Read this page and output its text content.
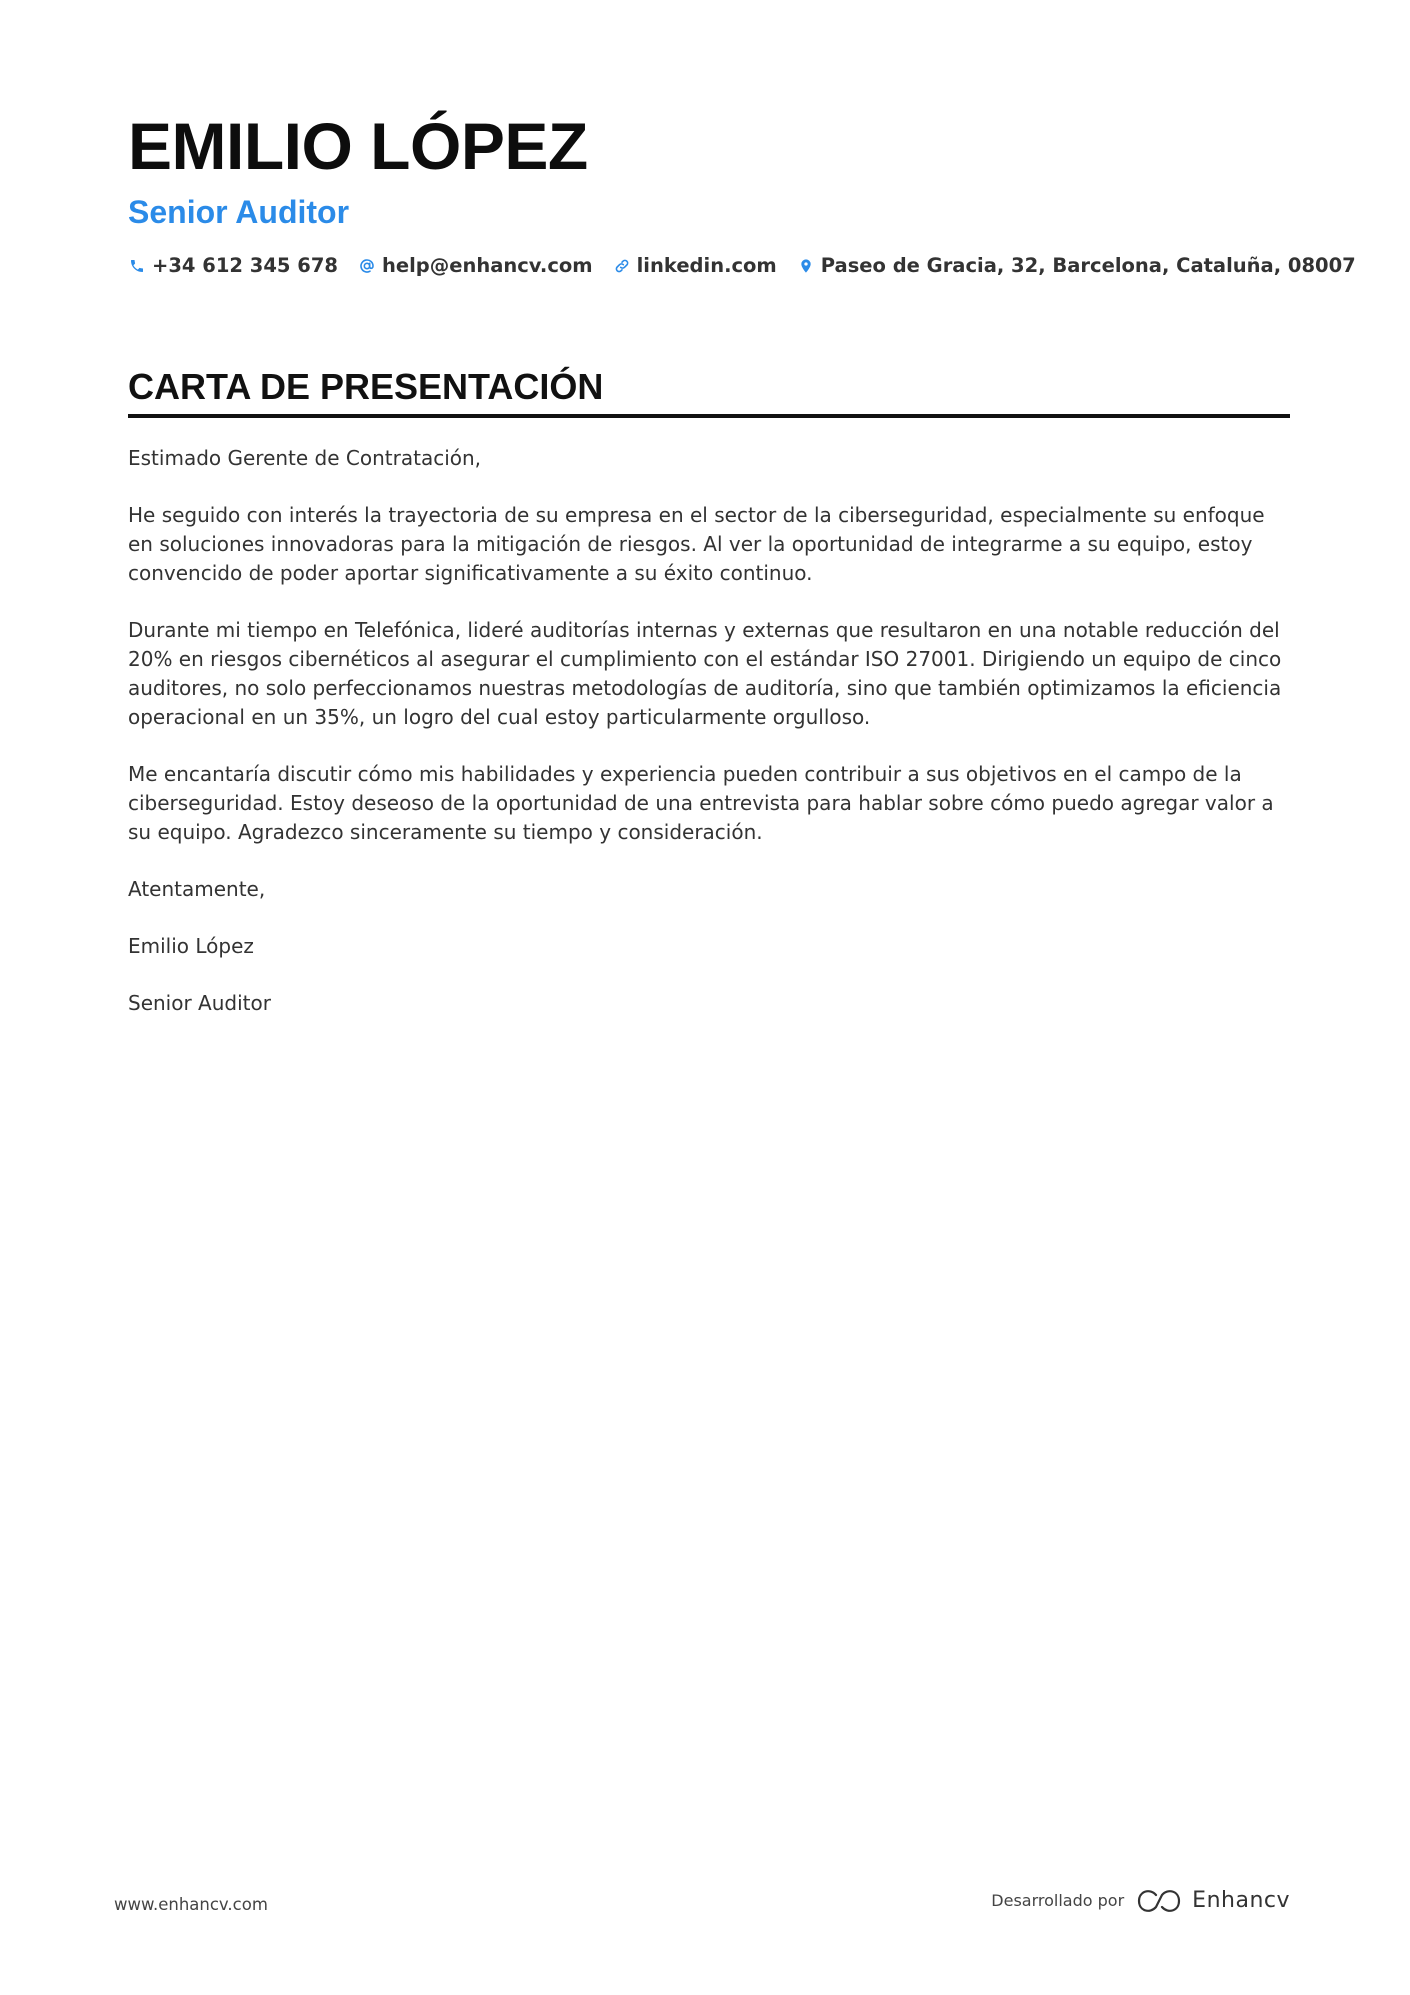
EMILIO LÓPEZ
Senior Auditor
+34 612 345 678 help@enhancv.com linkedin.com Paseo de Gracia, 32, Barcelona, Cataluña, 08007
CARTA DE PRESENTACIÓN

Estimado Gerente de Contratación,

He seguido con interés la trayectoria de su empresa en el sector de la ciberseguridad, especialmente su enfoque en soluciones innovadoras para la mitigación de riesgos. Al ver la oportunidad de integrarme a su equipo, estoy convencido de poder aportar significativamente a su éxito continuo.

Durante mi tiempo en Telefónica, lideré auditorías internas y externas que resultaron en una notable reducción del 20% en riesgos cibernéticos al asegurar el cumplimiento con el estándar ISO 27001. Dirigiendo un equipo de cinco auditores, no solo perfeccionamos nuestras metodologías de auditoría, sino que también optimizamos la eficiencia operacional en un 35%, un logro del cual estoy particularmente orgulloso.

Me encantaría discutir cómo mis habilidades y experiencia pueden contribuir a sus objetivos en el campo de la ciberseguridad. Estoy deseoso de la oportunidad de una entrevista para hablar sobre cómo puedo agregar valor a su equipo. Agradezco sinceramente su tiempo y consideración.

Atentamente,

Emilio López

Senior Auditor

www.enhancv.com	Desarrollado por	Enhancv
